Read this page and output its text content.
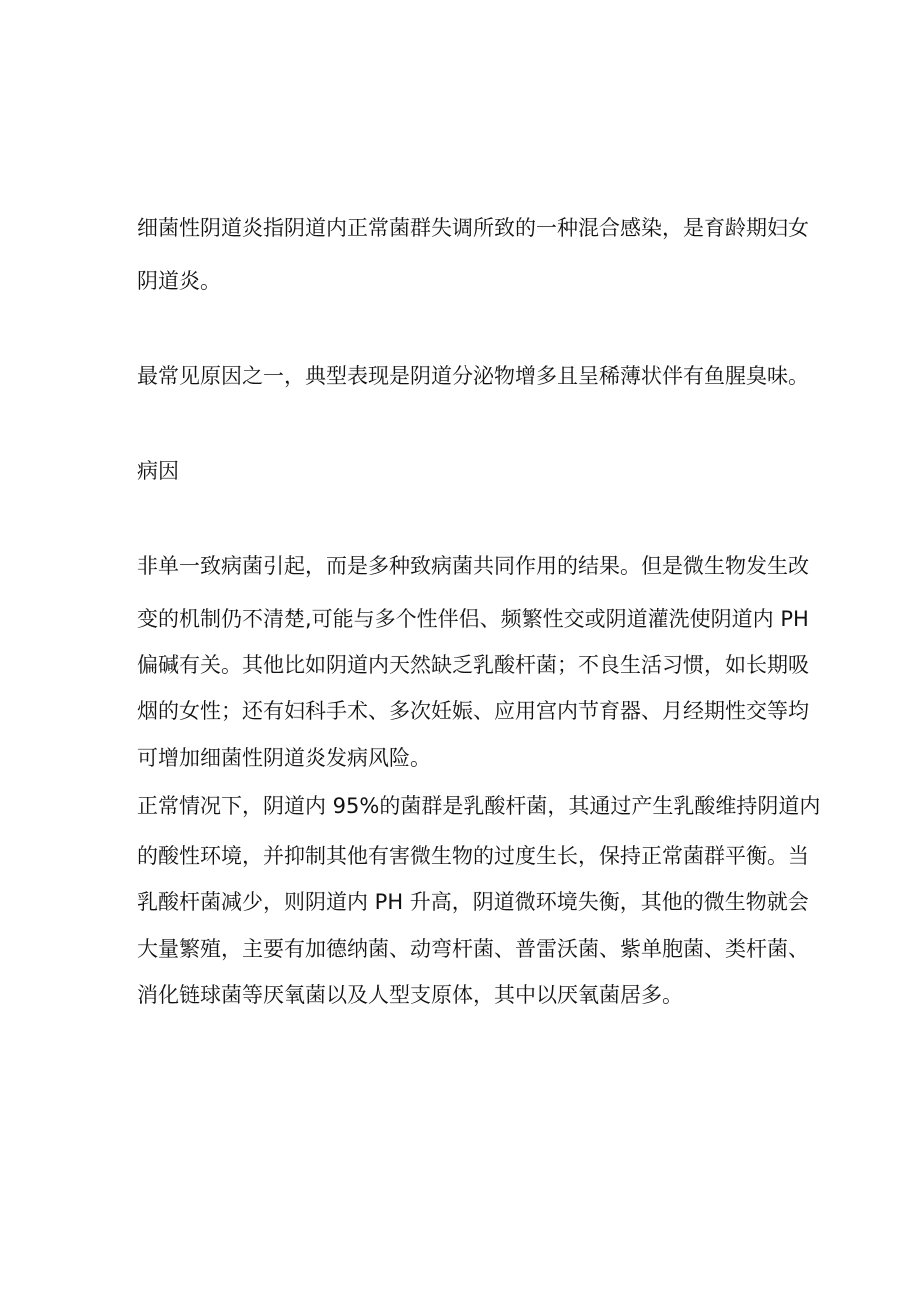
细菌性阴道炎指阴道内正常菌群失调所致的一种混合感染，是育龄期妇女
阴道炎。
最常见原因之一，典型表现是阴道分泌物增多且呈稀薄状伴有鱼腥臭味。
病因
非单一致病菌引起，而是多种致病菌共同作用的结果。但是微生物发生改
变的机制仍不清楚,可能与多个性伴侣、频繁性交或阴道灌洗使阴道内 PH
偏碱有关。其他比如阴道内天然缺乏乳酸杆菌；不良生活习惯，如长期吸
烟的女性；还有妇科手术、多次妊娠、应用宫内节育器、月经期性交等均
可增加细菌性阴道炎发病风险。
正常情况下，阴道内 95%的菌群是乳酸杆菌，其通过产生乳酸维持阴道内
的酸性环境，并抑制其他有害微生物的过度生长，保持正常菌群平衡。当
乳酸杆菌减少，则阴道内 PH 升高，阴道微环境失衡，其他的微生物就会
大量繁殖，主要有加德纳菌、动弯杆菌、普雷沃菌、紫单胞菌、类杆菌、
消化链球菌等厌氧菌以及人型支原体，其中以厌氧菌居多。
